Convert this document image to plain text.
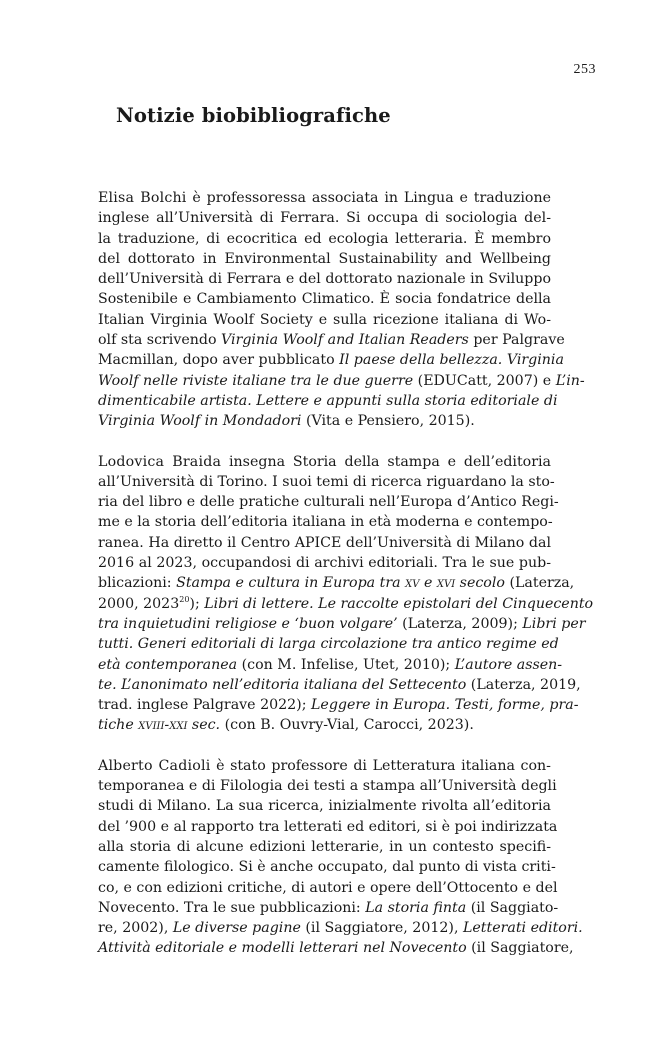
253
Notizie biobibliografiche

Elisa Bolchi è professoressa associata in Lingua e traduzione
inglese all’Università di Ferrara. Si occupa di sociologia del-
la traduzione, di ecocritica ed ecologia letteraria. È membro
del dottorato in Environmental Sustainability and Wellbeing
dell’Università di Ferrara e del dottorato nazionale in Sviluppo
Sostenibile e Cambiamento Climatico. È socia fondatrice della
Italian Virginia Woolf Society e sulla ricezione italiana di Wo-
olf sta scrivendo Virginia Woolf and Italian Readers per Palgrave
Macmillan, dopo aver pubblicato Il paese della bellezza. Virginia
Woolf nelle riviste italiane tra le due guerre (EDUCatt, 2007) e L’in-
dimenticabile artista. Lettere e appunti sulla storia editoriale di
Virginia Woolf in Mondadori (Vita e Pensiero, 2015).

Lodovica Braida insegna Storia della stampa e dell’editoria
all’Università di Torino. I suoi temi di ricerca riguardano la sto-
ria del libro e delle pratiche culturali nell’Europa d’Antico Regi-
me e la storia dell’editoria italiana in età moderna e contempo-
ranea. Ha diretto il Centro APICE dell’Università di Milano dal
2016 al 2023, occupandosi di archivi editoriali. Tra le sue pub-
blicazioni: Stampa e cultura in Europa tra xv e xvi secolo (Laterza,
2000, 2023$^{20}$); Libri di lettere. Le raccolte epistolari del Cinquecento
tra inquietudini religiose e ‘buon volgare’ (Laterza, 2009); Libri per
tutti. Generi editoriali di larga circolazione tra antico regime ed
età contemporanea (con M. Infelise, Utet, 2010); L’autore assen-
te. L’anonimato nell’editoria italiana del Settecento (Laterza, 2019,
trad. inglese Palgrave 2022); Leggere in Europa. Testi, forme, pra-
tiche xviii-xxi sec. (con B. Ouvry-Vial, Carocci, 2023).

Alberto Cadioli è stato professore di Letteratura italiana con-
temporanea e di Filologia dei testi a stampa all’Università degli
studi di Milano. La sua ricerca, inizialmente rivolta all’editoria
del ’900 e al rapporto tra letterati ed editori, si è poi indirizzata
alla storia di alcune edizioni letterarie, in un contesto specifi-
camente filologico. Si è anche occupato, dal punto di vista criti-
co, e con edizioni critiche, di autori e opere dell’Ottocento e del
Novecento. Tra le sue pubblicazioni: La storia finta (il Saggiato-
re, 2002), Le diverse pagine (il Saggiatore, 2012), Letterati editori.
Attività editoriale e modelli letterari nel Novecento (il Saggiatore,
